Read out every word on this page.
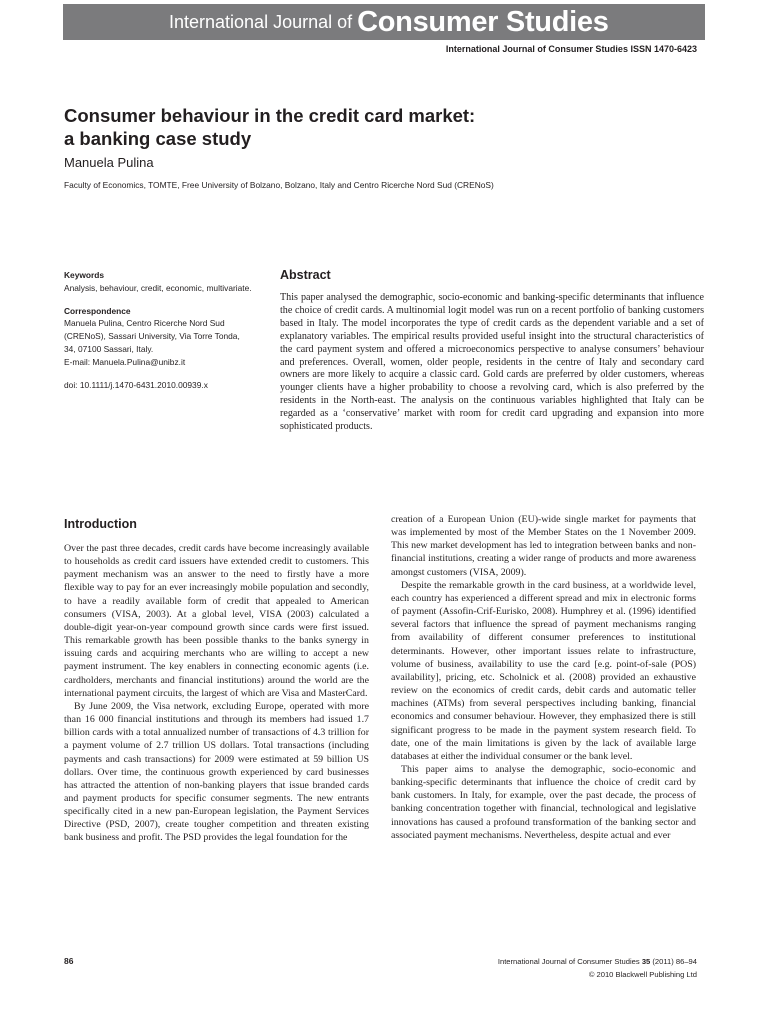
International Journal of Consumer Studies
International Journal of Consumer Studies ISSN 1470-6423
Consumer behaviour in the credit card market:
a banking case study
Manuela Pulina
Faculty of Economics, TOMTE, Free University of Bolzano, Bolzano, Italy and Centro Ricerche Nord Sud (CRENoS)
Keywords
Analysis, behaviour, credit, economic, multivariate.
Correspondence
Manuela Pulina, Centro Ricerche Nord Sud
(CRENoS), Sassari University, Via Torre Tonda,
34, 07100 Sassari, Italy.
E-mail: Manuela.Pulina@unibz.it
doi: 10.1111/j.1470-6431.2010.00939.x
Abstract
This paper analysed the demographic, socio-economic and banking-specific determinants that influence the choice of credit cards. A multinomial logit model was run on a recent portfolio of banking customers based in Italy. The model incorporates the type of credit cards as the dependent variable and a set of explanatory variables. The empirical results provided useful insight into the structural characteristics of the card payment system and offered a microeconomics perspective to analyse consumers’ behaviour and preferences. Overall, women, older people, residents in the centre of Italy and secondary card owners are more likely to acquire a classic card. Gold cards are preferred by older customers, whereas younger clients have a higher probability to choose a revolving card, which is also preferred by the residents in the North-east. The analysis on the continuous variables highlighted that Italy can be regarded as a ‘conservative’ market with room for credit card upgrading and expansion into more sophisticated products.
Introduction

Over the past three decades, credit cards have become increasingly available to households as credit card issuers have extended credit to customers. This payment mechanism was an answer to the need to firstly have a more flexible way to pay for an ever increasingly mobile population and secondly, to have a readily available form of credit that appealed to American consumers (VISA, 2003). At a global level, VISA (2003) calculated a double-digit year-on-year compound growth since cards were first issued. This remarkable growth has been possible thanks to the banks synergy in issuing cards and acquiring merchants who are willing to accept a new payment instrument. The key enablers in connecting economic agents (i.e. cardholders, merchants and financial institutions) around the world are the international payment circuits, the largest of which are Visa and MasterCard.

By June 2009, the Visa network, excluding Europe, operated with more than 16 000 financial institutions and through its members had issued 1.7 billion cards with a total annualized number of transactions of 4.3 trillion for a payment volume of 2.7 trillion US dollars. Total transactions (including payments and cash transactions) for 2009 were estimated at 59 billion US dollars. Over time, the continuous growth experienced by card businesses has attracted the attention of non-banking players that issue branded cards and payment products for specific consumer segments. The new entrants specifically cited in a new pan-European legislation, the Payment Services Directive (PSD, 2007), create tougher competition and threaten existing bank business and profit. The PSD provides the legal foundation for the

creation of a European Union (EU)-wide single market for payments that was implemented by most of the Member States on the 1 November 2009. This new market development has led to integration between banks and non-financial institutions, creating a wider range of products and more awareness amongst customers (VISA, 2009).

Despite the remarkable growth in the card business, at a worldwide level, each country has experienced a different spread and mix in electronic forms of payment (Assofin-Crif-Eurisko, 2008). Humphrey et al. (1996) identified several factors that influence the spread of payment mechanisms ranging from availability of different consumer preferences to institutional determinants. However, other important issues relate to infrastructure, volume of business, availability to use the card [e.g. point-of-sale (POS) availability], pricing, etc. Scholnick et al. (2008) provided an exhaustive review on the economics of credit cards, debit cards and automatic teller machines (ATMs) from several perspectives including banking, financial economics and consumer behaviour. However, they emphasized there is still significant progress to be made in the payment system research field. To date, one of the main limitations is given by the lack of available large databases at either the individual consumer or the bank level.

This paper aims to analyse the demographic, socio-economic and banking-specific determinants that influence the choice of credit card by bank customers. In Italy, for example, over the past decade, the process of banking concentration together with financial, technological and legislative innovations has caused a profound transformation of the banking sector and associated payment mechanisms. Nevertheless, despite actual and ever

86	International Journal of Consumer Studies 35 (2011) 86–94
© 2010 Blackwell Publishing Ltd
